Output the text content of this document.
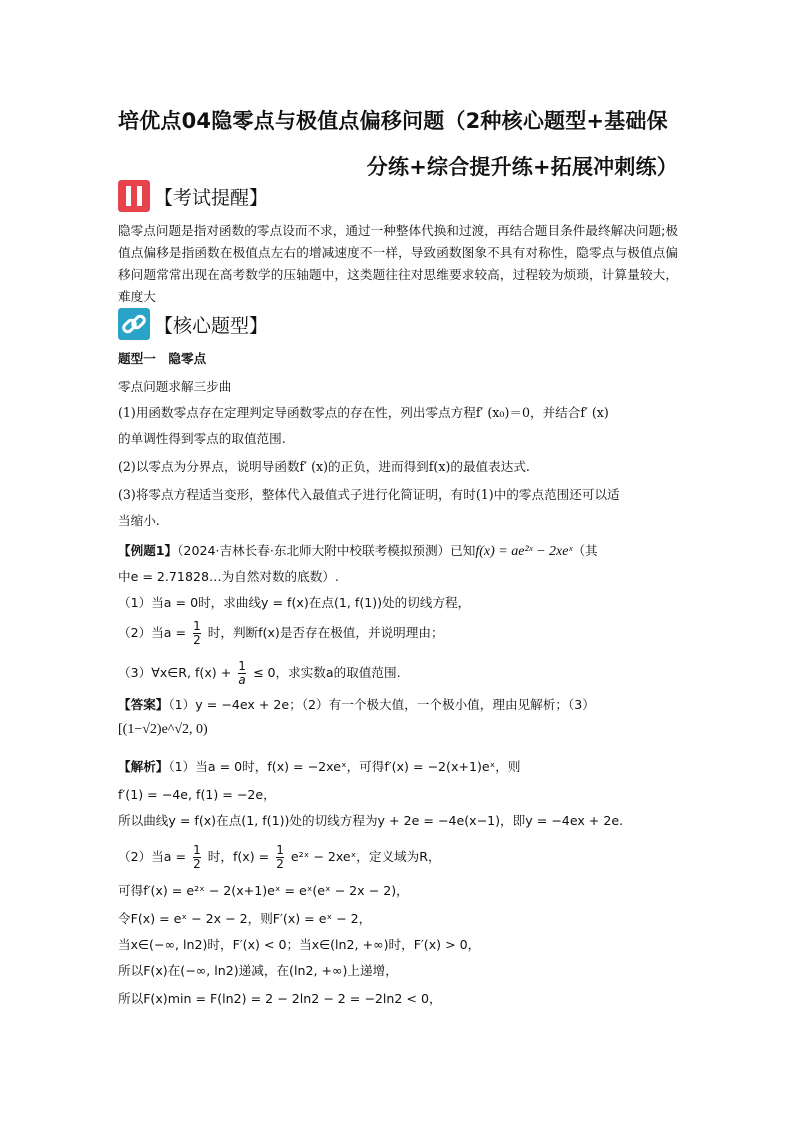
培优点04隐零点与极值点偏移问题（2种核心题型+基础保
分练+综合提升练+拓展冲刺练）
【考试提醒】
隐零点问题是指对函数的零点设而不求，通过一种整体代换和过渡，再结合题目条件最终解决问题;极值点偏移是指函数在极值点左右的增减速度不一样，导致函数图象不具有对称性，隐零点与极值点偏移问题常常出现在高考数学的压轴题中，这类题往往对思维要求较高，过程较为烦琐，计算量较大，难度大
【核心题型】
题型一　隐零点
零点问题求解三步曲
(1)用函数零点存在定理判定导函数零点的存在性，列出零点方程f′ (x₀)＝0，并结合f′ (x)
的单调性得到零点的取值范围.
(2)以零点为分界点，说明导函数f′ (x)的正负，进而得到f(x)的最值表达式.
(3)将零点方程适当变形，整体代入最值式子进行化简证明，有时(1)中的零点范围还可以适
当缩小.
【例题1】（2024·吉林长春·东北师大附中校联考模拟预测）已知f(x) = ae²ˣ − 2xeˣ（其
中e = 2.71828…为自然对数的底数）.
（1）当a = 0时，求曲线y = f(x)在点(1, f(1))处的切线方程，
（2）当$a = \frac{1}{2}$ 时，判断f(x)是否存在极值，并说明理由；
（3）∀x∈R, $f(x) + \frac{1}{a} \le 0$，求实数a的取值范围.
【答案】（1）y = −4ex + 2e；（2）有一个极大值，一个极小值，理由见解析；（3）
[(1−√2)e^√2, 0)
【解析】（1）当a = 0时，f(x) = −2xeˣ，可得f′(x) = −2(x+1)eˣ，则
f′(1) = −4e, f(1) = −2e，
所以曲线y = f(x)在点(1, f(1))处的切线方程为y + 2e = −4e(x−1)，即y = −4ex + 2e.
（2）当$a = \frac{1}{2}$ 时，$f(x) = \frac{1}{2}$ e²ˣ − 2xeˣ，定义域为R，
可得f′(x) = e²ˣ − 2(x+1)eˣ = eˣ(eˣ − 2x − 2)，
令F(x) = eˣ − 2x − 2，则F′(x) = eˣ − 2，
当x∈(−∞, ln2)时，F′(x) < 0；当x∈(ln2, +∞)时，F′(x) > 0，
所以F(x)在(−∞, ln2)递减，在(ln2, +∞)上递增，
所以F(x)min = F(ln2) = 2 − 2ln2 − 2 = −2ln2 < 0，
